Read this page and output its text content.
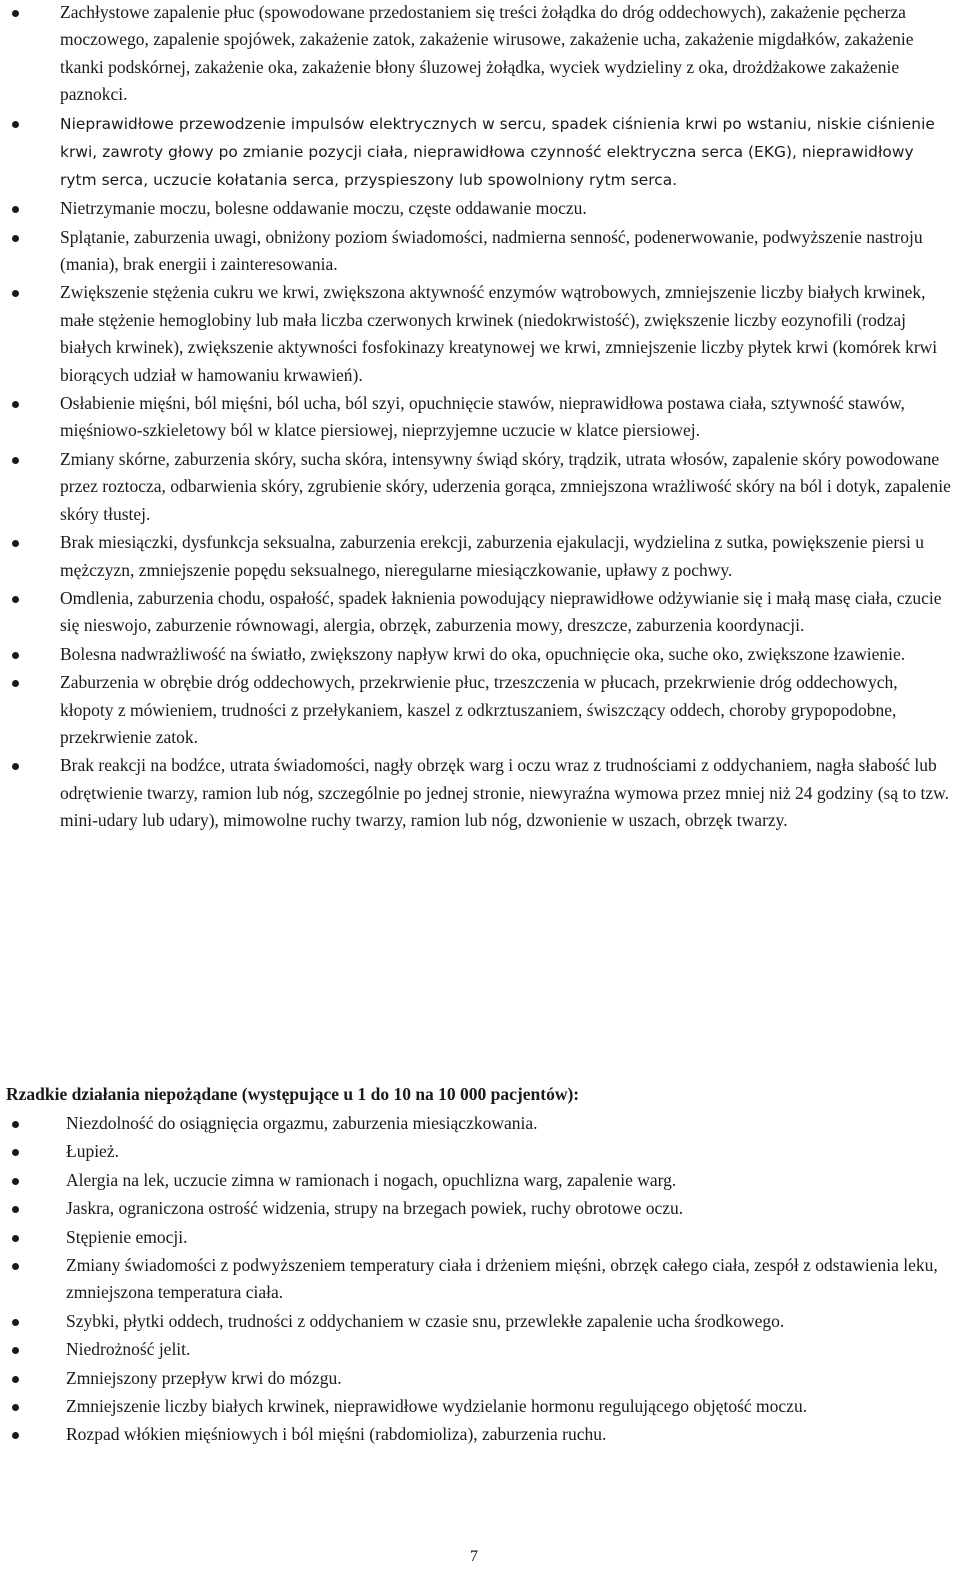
Zachłystowe zapalenie płuc (spowodowane przedostaniem się treści żołądka do dróg oddechowych), zakażenie pęcherza moczowego, zapalenie spojówek, zakażenie zatok, zakażenie wirusowe, zakażenie ucha, zakażenie migdałków, zakażenie tkanki podskórnej, zakażenie oka, zakażenie błony śluzowej żołądka, wyciek wydzieliny z oka, drożdżakowe zakażenie paznokci.
Nieprawidłowe przewodzenie impulsów elektrycznych w sercu, spadek ciśnienia krwi po wstaniu, niskie ciśnienie krwi, zawroty głowy po zmianie pozycji ciała, nieprawidłowa czynność elektryczna serca (EKG), nieprawidłowy rytm serca, uczucie kołatania serca, przyspieszony lub spowolniony rytm serca.
Nietrzymanie moczu, bolesne oddawanie moczu, częste oddawanie moczu.
Splątanie, zaburzenia uwagi, obniżony poziom świadomości, nadmierna senność, podenerwowanie, podwyższenie nastroju (mania), brak energii i zainteresowania.
Zwiększenie stężenia cukru we krwi, zwiększona aktywność enzymów wątrobowych, zmniejszenie liczby białych krwinek, małe stężenie hemoglobiny lub mała liczba czerwonych krwinek (niedokrwistość), zwiększenie liczby eozynofili (rodzaj białych krwinek), zwiększenie aktywności fosfokinazy kreatynowej we krwi, zmniejszenie liczby płytek krwi (komórek krwi biorących udział w hamowaniu krwawień).
Osłabienie mięśni, ból mięśni, ból ucha, ból szyi, opuchnięcie stawów, nieprawidłowa postawa ciała, sztywność stawów, mięśniowo-szkieletowy ból w klatce piersiowej, nieprzyjemne uczucie w klatce piersiowej.
Zmiany skórne, zaburzenia skóry, sucha skóra, intensywny świąd skóry, trądzik, utrata włosów, zapalenie skóry powodowane przez roztocza, odbarwienia skóry, zgrubienie skóry, uderzenia gorąca, zmniejszona wrażliwość skóry na ból i dotyk, zapalenie skóry tłustej.
Brak miesiączki, dysfunkcja seksualna, zaburzenia erekcji, zaburzenia ejakulacji, wydzielina z sutka, powiększenie piersi u mężczyzn, zmniejszenie popędu seksualnego, nieregularne miesiączkowanie, upławy z pochwy.
Omdlenia, zaburzenia chodu, ospałość, spadek łaknienia powodujący nieprawidłowe odżywianie się i małą masę ciała, czucie się nieswojo, zaburzenie równowagi, alergia, obrzęk, zaburzenia mowy, dreszcze, zaburzenia koordynacji.
Bolesna nadwrażliwość na światło, zwiększony napływ krwi do oka, opuchnięcie oka, suche oko, zwiększone łzawienie.
Zaburzenia w obrębie dróg oddechowych, przekrwienie płuc, trzeszczenia w płucach, przekrwienie dróg oddechowych, kłopoty z mówieniem, trudności z przełykaniem, kaszel z odkrztuszaniem, świszczący oddech, choroby grypopodobne, przekrwienie zatok.
Brak reakcji na bodźce, utrata świadomości, nagły obrzęk warg i oczu wraz z trudnościami z oddychaniem, nagła słabość lub odrętwienie twarzy, ramion lub nóg, szczególnie po jednej stronie, niewyraźna wymowa przez mniej niż 24 godziny (są to tzw. mini-udary lub udary), mimowolne ruchy twarzy, ramion lub nóg, dzwonienie w uszach, obrzęk twarzy.
Rzadkie działania niepożądane (występujące u 1 do 10 na 10 000 pacjentów):
Niezdolność do osiągnięcia orgazmu, zaburzenia miesiączkowania.
Łupież.
Alergia na lek, uczucie zimna w ramionach i nogach, opuchlizna warg, zapalenie warg.
Jaskra, ograniczona ostrość widzenia, strupy na brzegach powiek, ruchy obrotowe oczu.
Stępienie emocji.
Zmiany świadomości z podwyższeniem temperatury ciała i drżeniem mięśni, obrzęk całego ciała, zespół z odstawienia leku, zmniejszona temperatura ciała.
Szybki, płytki oddech, trudności z oddychaniem w czasie snu, przewlekłe zapalenie ucha środkowego.
Niedrożność jelit.
Zmniejszony przepływ krwi do mózgu.
Zmniejszenie liczby białych krwinek, nieprawidłowe wydzielanie hormonu regulującego objętość moczu.
Rozpad włókien mięśniowych i ból mięśni (rabdomioliza), zaburzenia ruchu.
7
